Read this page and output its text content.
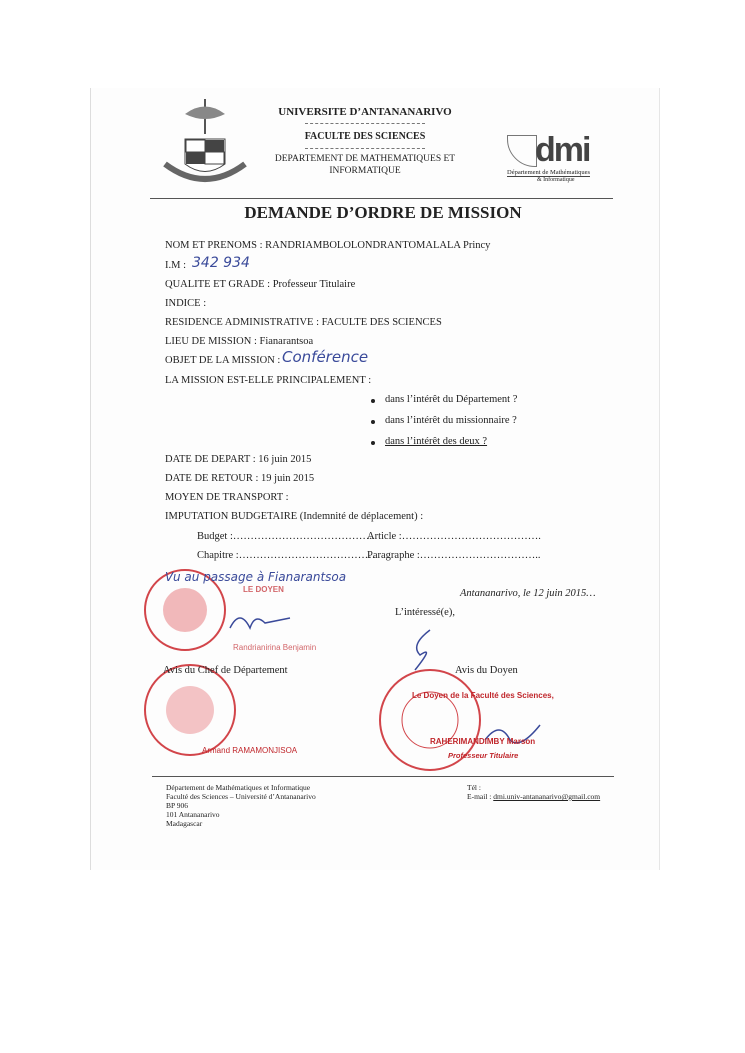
UNIVERSITE D’ANTANANARIVO
FACULTE DES SCIENCES
DEPARTEMENT DE MATHEMATIQUES ET
INFORMATIQUE
dmi
Département de Mathématiques
& Informatique
DEMANDE D’ORDRE DE MISSION
NOM ET PRENOMS : RANDRIAMBOLOLONDRANTOMALALA Princy
I.M : 342 934
QUALITE ET GRADE : Professeur Titulaire
INDICE :
RESIDENCE ADMINISTRATIVE : FACULTE DES SCIENCES
LIEU DE MISSION : Fianarantsoa
OBJET DE LA MISSION : Conférence
LA MISSION EST-ELLE PRINCIPALEMENT :
dans l’intérêt du Département ?
dans l’intérêt du missionnaire ?
dans l’intérêt des deux ?
DATE DE DEPART : 16 juin 2015
DATE DE RETOUR : 19 juin 2015
MOYEN DE TRANSPORT :
IMPUTATION BUDGETAIRE (Indemnité de déplacement) :
Budget :…………………………………..
Article :………………………………….
Chapitre :…………………………………
Paragraphe :……………………………..
Vu au passage à Fianarantsoa
LE DOYEN	Antananarivo, le 12 juin 2015…
L’intéressé(e),
Randrianirina Benjamin
Avis du Chef de Département	Avis du Doyen
Le Doyen de la Faculté des Sciences,
Armand RAMAMONJISOA
RAHERIMANDIMBY Marson
Professeur Titulaire
Département de Mathématiques et Informatique
Faculté des Sciences – Université d’Antananarivo
BP 906
101 Antananarivo
Madagascar
Tél :
E-mail : dmi.univ-antananarivo@gmail.com
